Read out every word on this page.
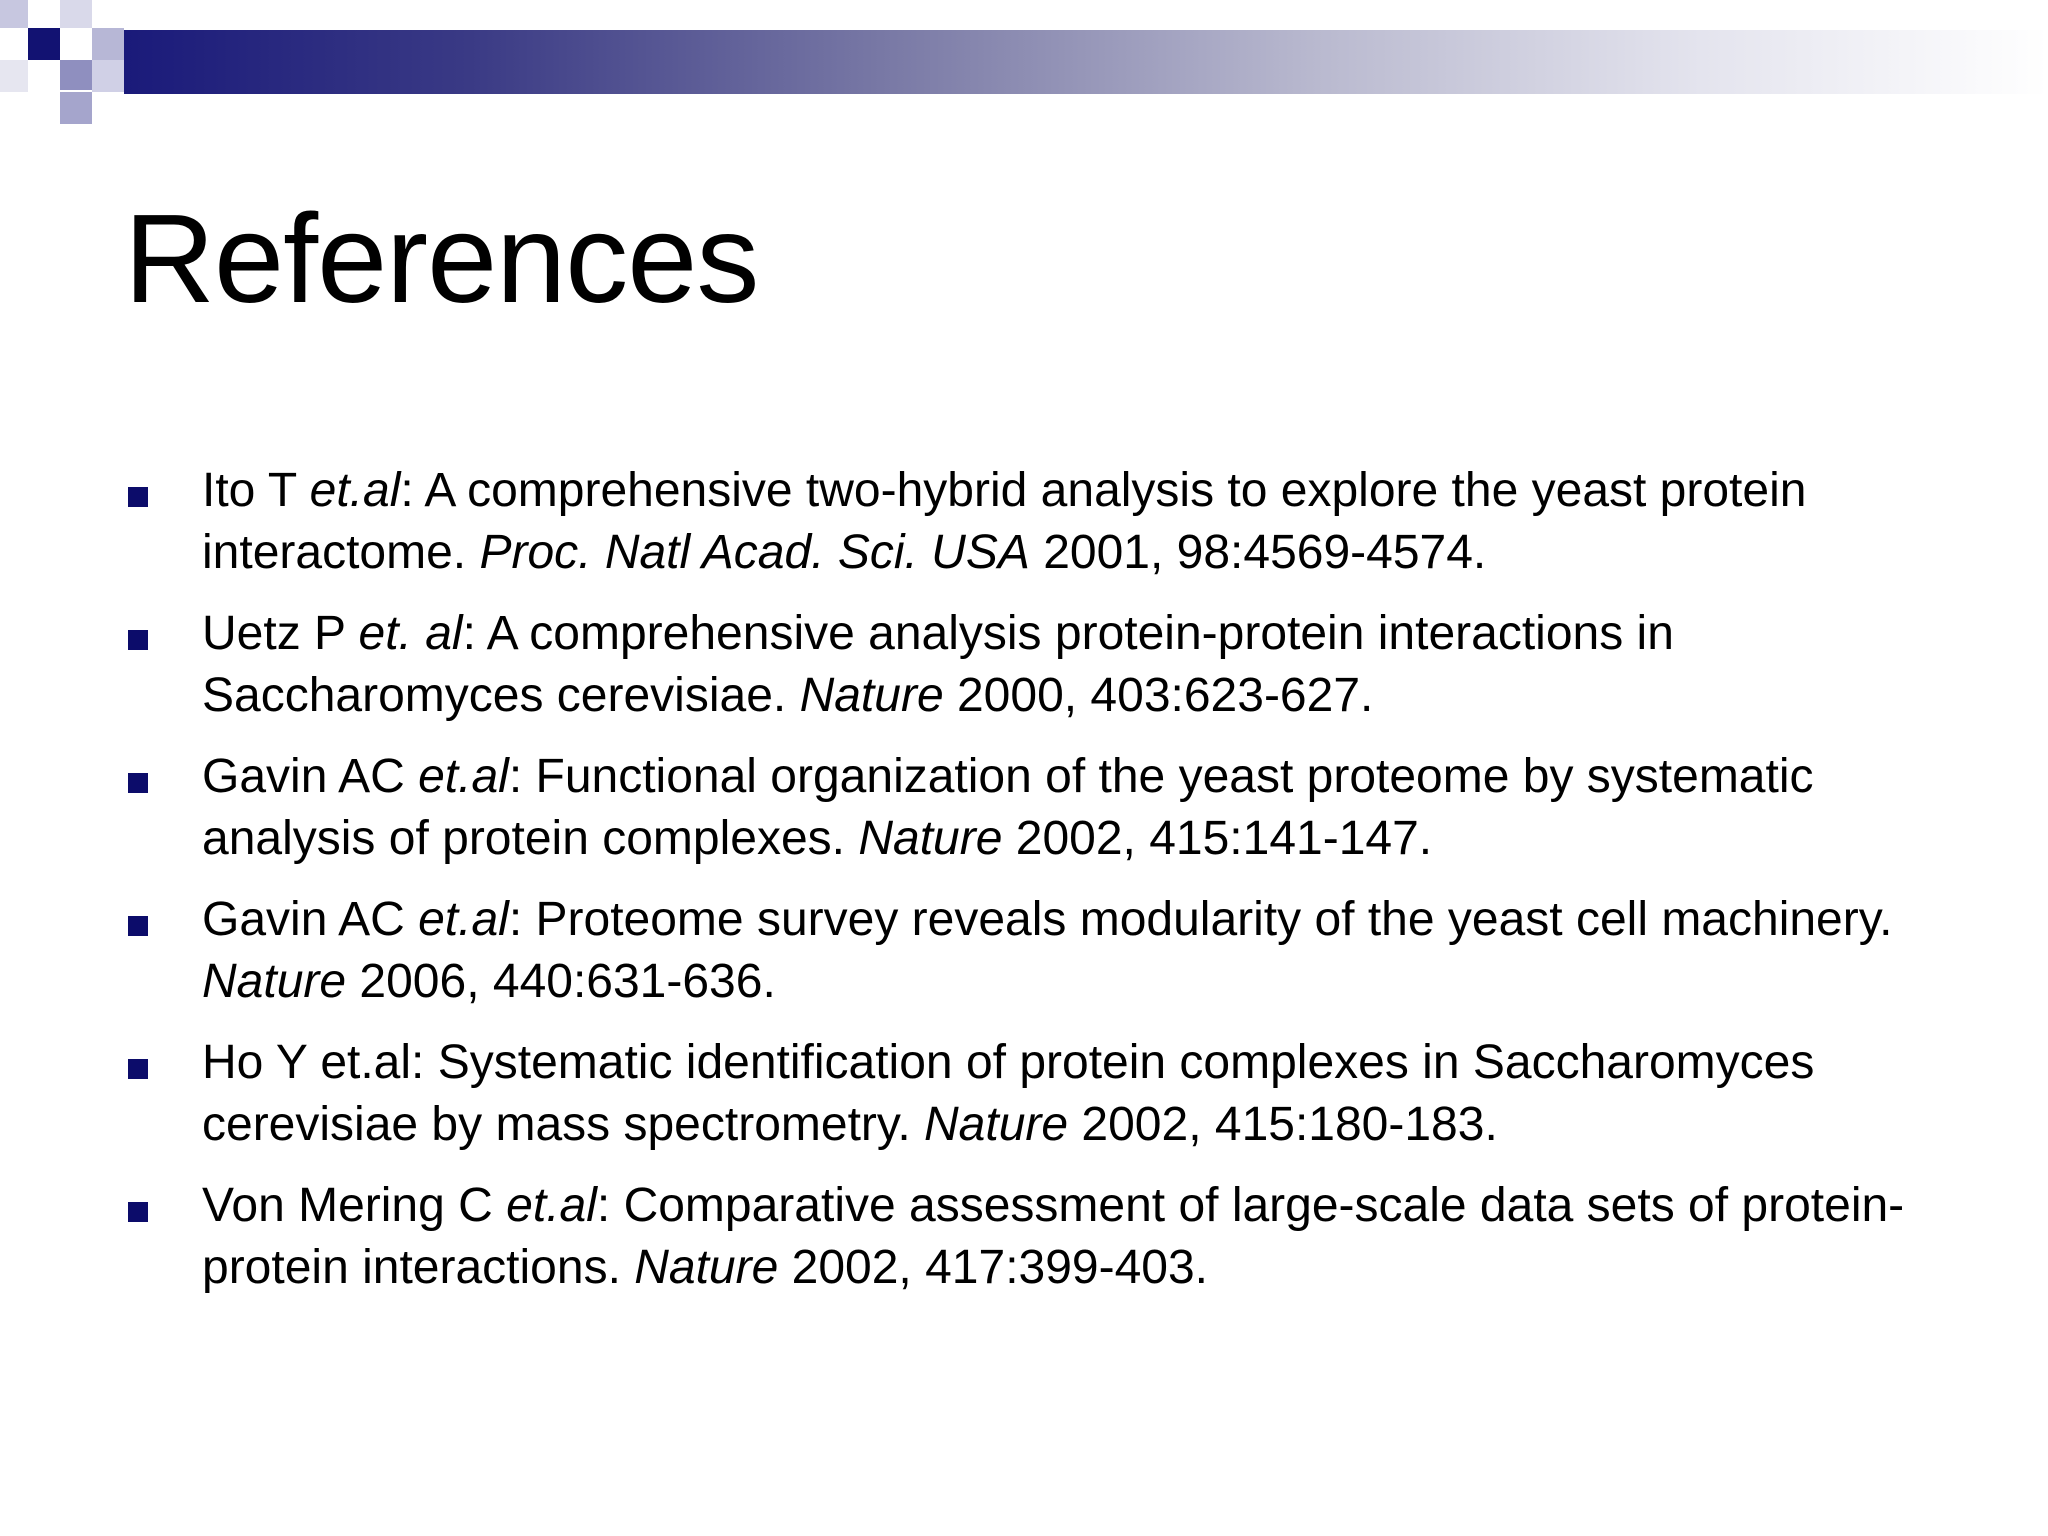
References
Ito T et.al: A comprehensive two-hybrid analysis to explore the yeast protein interactome. Proc. Natl Acad. Sci. USA 2001, 98:4569-4574.
Uetz P et. al: A comprehensive analysis protein-protein interactions in Saccharomyces cerevisiae. Nature 2000, 403:623-627.
Gavin AC et.al: Functional organization of the yeast proteome by systematic analysis of protein complexes. Nature 2002, 415:141-147.
Gavin AC et.al: Proteome survey reveals modularity of the yeast cell machinery. Nature 2006, 440:631-636.
Ho Y et.al: Systematic identification of protein complexes in Saccharomyces cerevisiae by mass spectrometry. Nature 2002, 415:180-183.
Von Mering C et.al: Comparative assessment of large-scale data sets of protein-protein interactions. Nature 2002, 417:399-403.
